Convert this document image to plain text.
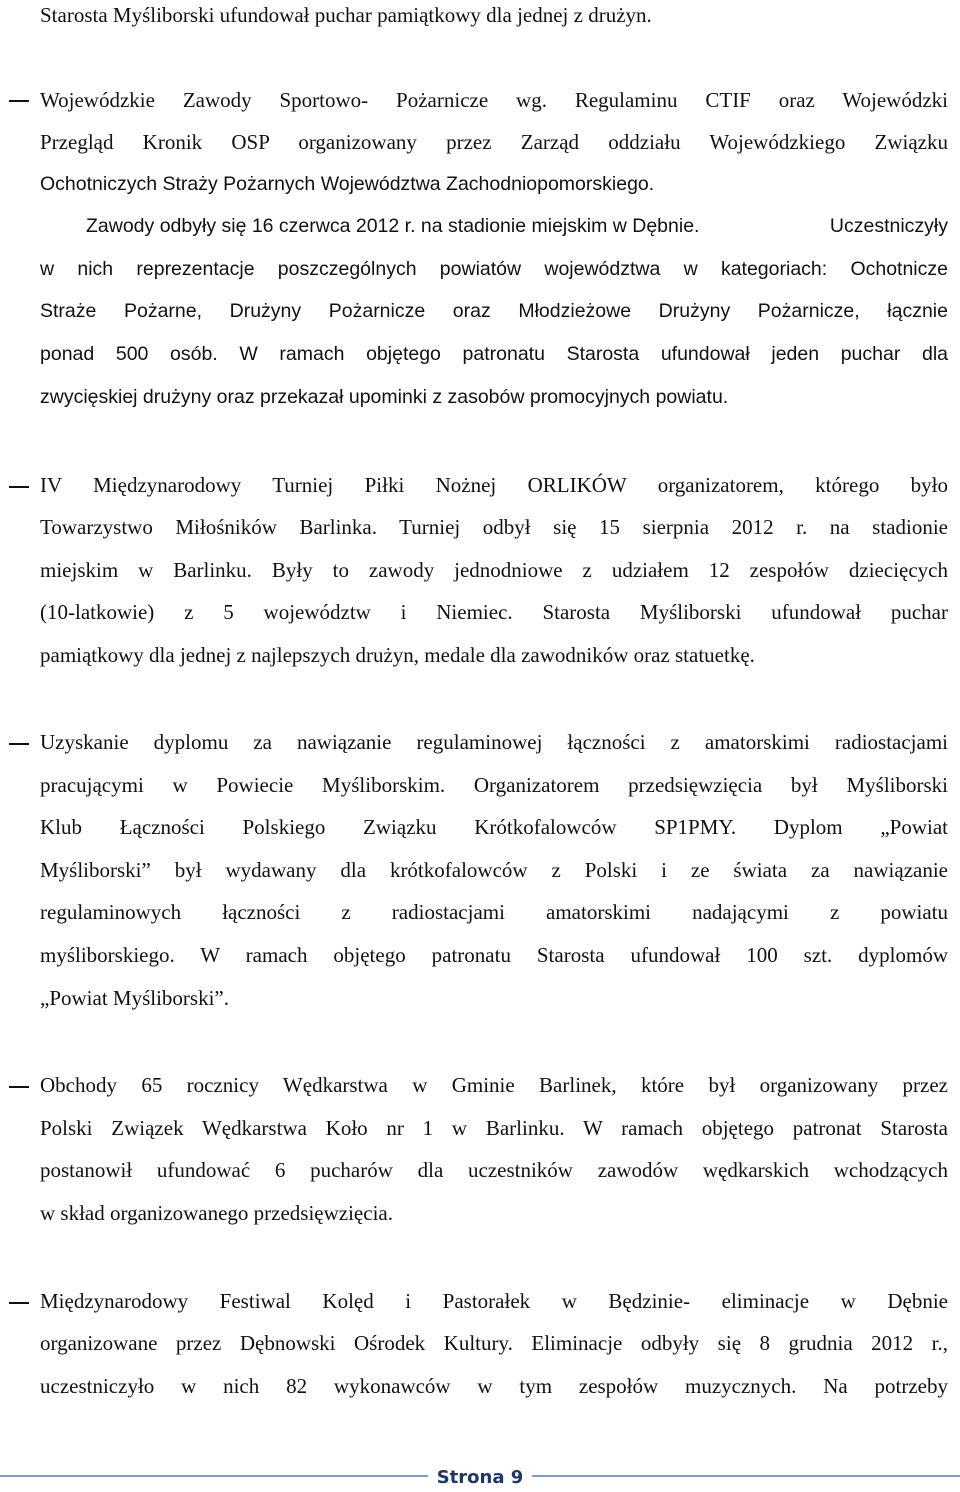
Starosta Myśliborski ufundował puchar pamiątkowy dla jednej z drużyn.
Wojewódzkie Zawody Sportowo- Pożarnicze wg. Regulaminu CTIF oraz Wojewódzki
Przegląd Kronik OSP organizowany przez Zarząd oddziału Wojewódzkiego Związku
Ochotniczych Straży Pożarnych Województwa Zachodniopomorskiego.
Zawody odbyły się 16 czerwca 2012 r. na stadionie miejskim w Dębnie.	Uczestniczyły
w nich reprezentacje poszczególnych powiatów województwa w kategoriach: Ochotnicze
Straże Pożarne, Drużyny Pożarnicze oraz Młodzieżowe Drużyny Pożarnicze, łącznie
ponad 500 osób. W ramach objętego patronatu Starosta ufundował jeden puchar dla
zwycięskiej drużyny oraz przekazał upominki z zasobów promocyjnych powiatu.
IV Międzynarodowy Turniej Piłki Nożnej ORLIKÓW organizatorem, którego było
Towarzystwo Miłośników Barlinka. Turniej odbył się 15 sierpnia 2012 r. na stadionie
miejskim w Barlinku. Były to zawody jednodniowe z udziałem 12 zespołów dziecięcych
(10-latkowie) z 5 województw i Niemiec. Starosta Myśliborski ufundował puchar
pamiątkowy dla jednej z najlepszych drużyn, medale dla zawodników oraz statuetkę.
Uzyskanie dyplomu za nawiązanie regulaminowej łączności z amatorskimi radiostacjami
pracującymi w Powiecie Myśliborskim. Organizatorem przedsięwzięcia był Myśliborski
Klub Łączności Polskiego Związku Krótkofalowców SP1PMY. Dyplom „Powiat
Myśliborski” był wydawany dla krótkofalowców z Polski i ze świata za nawiązanie
regulaminowych łączności z radiostacjami amatorskimi nadającymi z powiatu
myśliborskiego. W ramach objętego patronatu Starosta ufundował 100 szt. dyplomów
„Powiat Myśliborski”.
Obchody 65 rocznicy Wędkarstwa w Gminie Barlinek, które był organizowany przez
Polski Związek Wędkarstwa Koło nr 1 w Barlinku. W ramach objętego patronat Starosta
postanowił ufundować 6 pucharów dla uczestników zawodów wędkarskich wchodzących
w skład organizowanego przedsięwzięcia.
Międzynarodowy Festiwal Kolęd i Pastorałek w Będzinie- eliminacje w Dębnie
organizowane przez Dębnowski Ośrodek Kultury. Eliminacje odbyły się 8 grudnia 2012 r.,
uczestniczyło w nich 82 wykonawców w tym zespołów muzycznych. Na potrzeby
Strona 9
